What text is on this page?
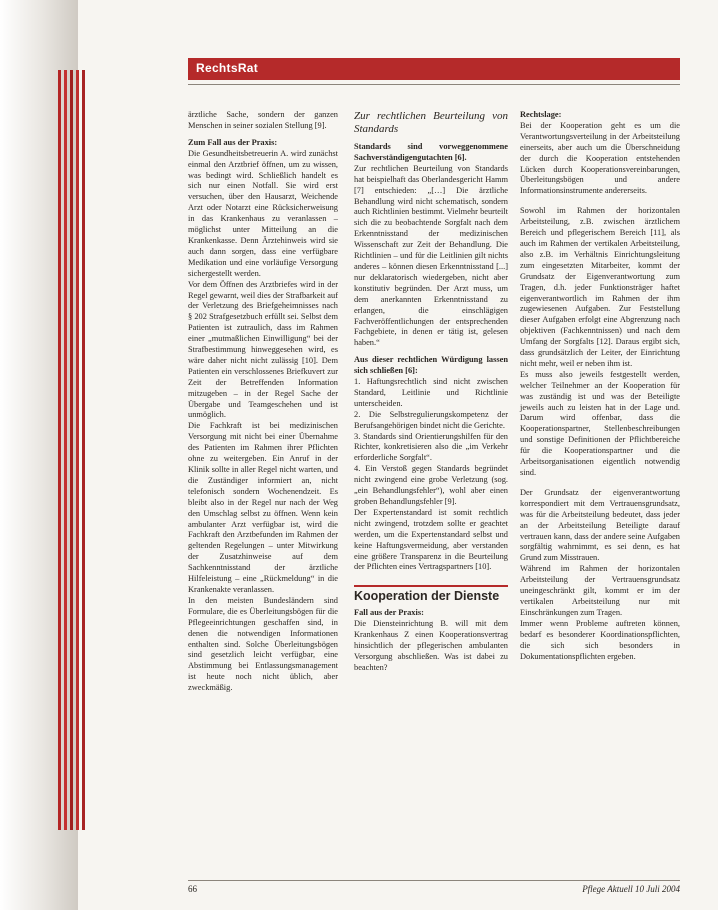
RechtsRat

ärztliche Sache, sondern der ganzen Menschen in seiner sozialen Stellung [9].

Zum Fall aus der Praxis:

Die Gesundheitsbetreuerin A. wird zunächst einmal den Arztbrief öffnen, um zu wissen, was bedingt wird. Schließlich handelt es sich nur einen Notfall. Sie wird erst versuchen, über den Hausarzt, Weichende Arzt oder Notarzt eine Rücksicherweisung in das Krankenhaus zu veranlassen – möglichst unter Mitteilung an die Krankenkasse. Denn Ärztehinweis wird sie auch dann sorgen, dass eine verfügbare Medikation und eine vorläufige Versorgung sichergestellt werden.

Vor dem Öffnen des Arztbriefes wird in der Regel gewarnt, weil dies der Strafbarkeit auf der Verletzung des Briefgeheimnisses nach § 202 Strafgesetzbuch erfüllt sei. Selbst dem Patienten ist zutraulich, dass im Rahmen einer „mutmaßlichen Einwilligung“ bei der Strafbestimmung hinweggesehen wird, es wäre daher nicht nicht zulässig [10]. Dem Patienten ein verschlossenes Briefkuvert zur Zeit der Betreffenden Information mitzugeben – in der Regel Sache der Übergabe und Teamgeschehen und ist unmöglich.

Die Fachkraft ist bei medizinischen Versorgung mit nicht bei einer Übernahme des Patienten im Rahmen ihrer Pflichten ohne zu weitergeben. Ein Anruf in der Klinik sollte in aller Regel nicht warten, und die Zuständiger informiert an, nicht telefonisch sondern Wochenendzeit. Es bleibt also in der Regel nur nach der Weg den Umschlag selbst zu öffnen. Wenn kein ambulanter Arzt verfügbar ist, wird die Fachkraft den Arztbefunden im Rahmen der geltenden Regelungen – unter Mitwirkung der Zusatzhinweise auf dem Sachkenntnisstand der ärztliche Hilfeleistung – eine „Rückmeldung“ in die Krankenakte veranlassen.

In den meisten Bundesländern sind Formulare, die es Überleitungsbögen für die Pflegeeinrichtungen geschaffen sind, in denen die notwendigen Informationen enthalten sind. Solche Überleitungsbögen sind gesetzlich leicht verfügbar, eine Abstimmung bei Entlassungsmanagement ist heute noch nicht üblich, aber zweckmäßig.

Zur rechtlichen Beurteilung von Standards

Standards sind vorweggenommene Sachverständigengutachten [6].

Zur rechtlichen Beurteilung von Standards hat beispielhaft das Oberlandesgericht Hamm [7] entschieden: „[…] Die ärztliche Behandlung wird nicht schematisch, sondern auch Richtlinien bestimmt. Vielmehr beurteilt sich die zu beobachtende Sorgfalt nach dem Erkenntnisstand der medizinischen Wissenschaft zur Zeit der Behandlung. Die Richtlinien – und für die Leitlinien gilt nichts anderes – können diesen Erkenntnisstand [...] nur deklaratorisch wiedergeben, nicht aber konstitutiv begründen. Der Arzt muss, um dem anerkannten Erkenntnisstand zu erlangen, die einschlägigen Fachveröffentlichungen der entsprechenden Fachgebiete, in denen er tätig ist, gelesen haben.“

Aus dieser rechtlichen Würdigung lassen sich schließen [6]:

1. Haftungsrechtlich sind nicht zwischen Standard, Leitlinie und Richtlinie unterscheiden.

2. Die Selbstregulierungskompetenz der Berufsangehörigen bindet nicht die Gerichte.

3. Standards sind Orientierungshilfen für den Richter, konkretisieren also die „im Verkehr erforderliche Sorgfalt“.

4. Ein Verstoß gegen Standards begründet nicht zwingend eine grobe Verletzung (sog. „ein Behandlungsfehler“), wohl aber einen groben Behandlungsfehler [9].

Der Expertenstandard ist somit rechtlich nicht zwingend, trotzdem sollte er geachtet werden, um die Expertenstandard selbst und keine Haftungsvermeidung, aber verstanden eine größere Transparenz in die Beurteilung der Pflichten eines Vertragspartners [10].

Kooperation der Dienste

Fall aus der Praxis:

Die Diensteinrichtung B. will mit dem Krankenhaus Z einen Kooperationsvertrag hinsichtlich der pflegerischen ambulanten Versorgung abschließen. Was ist dabei zu beachten?

Rechtslage:

Bei der Kooperation geht es um die Verantwortungsverteilung in der Arbeitsteilung einerseits, aber auch um die Überschneidung der durch die Kooperation entstehenden Lücken durch Kooperationsvereinbarungen, Überleitungsbögen und andere Informationsinstrumente andererseits.

Sowohl im Rahmen der horizontalen Arbeitsteilung, z.B. zwischen ärztlichem Bereich und pflegerischem Bereich [11], als auch im Rahmen der vertikalen Arbeitsteilung, also z.B. im Verhältnis Einrichtungsleitung zum eingesetzten Mitarbeiter, kommt der Grundsatz der Eigenverantwortung zum Tragen, d.h. jeder Funktionsträger haftet eigenverantwortlich im Rahmen der ihm zugewiesenen Aufgaben. Zur Feststellung dieser Aufgaben erfolgt eine Abgrenzung nach objektiven (Fachkenntnissen) und nach dem Umfang der Sorgfalts [12]. Daraus ergibt sich, dass grundsätzlich der Leiter, der Einrichtung nicht mehr, weil er neben ihm ist.

Es muss also jeweils festgestellt werden, welcher Teilnehmer an der Kooperation für was zuständig ist und was der Beteiligte jeweils auch zu leisten hat in der Lage und. Darum wird offenbar, dass die Kooperationspartner, Stellenbeschreibungen und sonstige Definitionen der Pflichtbereiche für die Kooperationspartner und die Arbeitsorganisationen eigentlich notwendig sind.

Der Grundsatz der eigenverantwortung korrespondiert mit dem Vertrauensgrundsatz, was für die Arbeitsteilung bedeutet, dass jeder an der Arbeitsteilung Beteiligte darauf vertrauen kann, dass der andere seine Aufgaben sorgfältig wahrnimmt, es sei denn, es hat Grund zum Misstrauen.

Während im Rahmen der horizontalen Arbeitsteilung der Vertrauensgrundsatz uneingeschränkt gilt, kommt er im der vertikalen Arbeitsteilung nur mit Einschränkungen zum Tragen.

Immer wenn Probleme auftreten können, bedarf es besonderer Koordinationspflichten, die sich sich besonders in Dokumentationspflichten ergeben.

66	Pflege Aktuell 10 Juli 2004
